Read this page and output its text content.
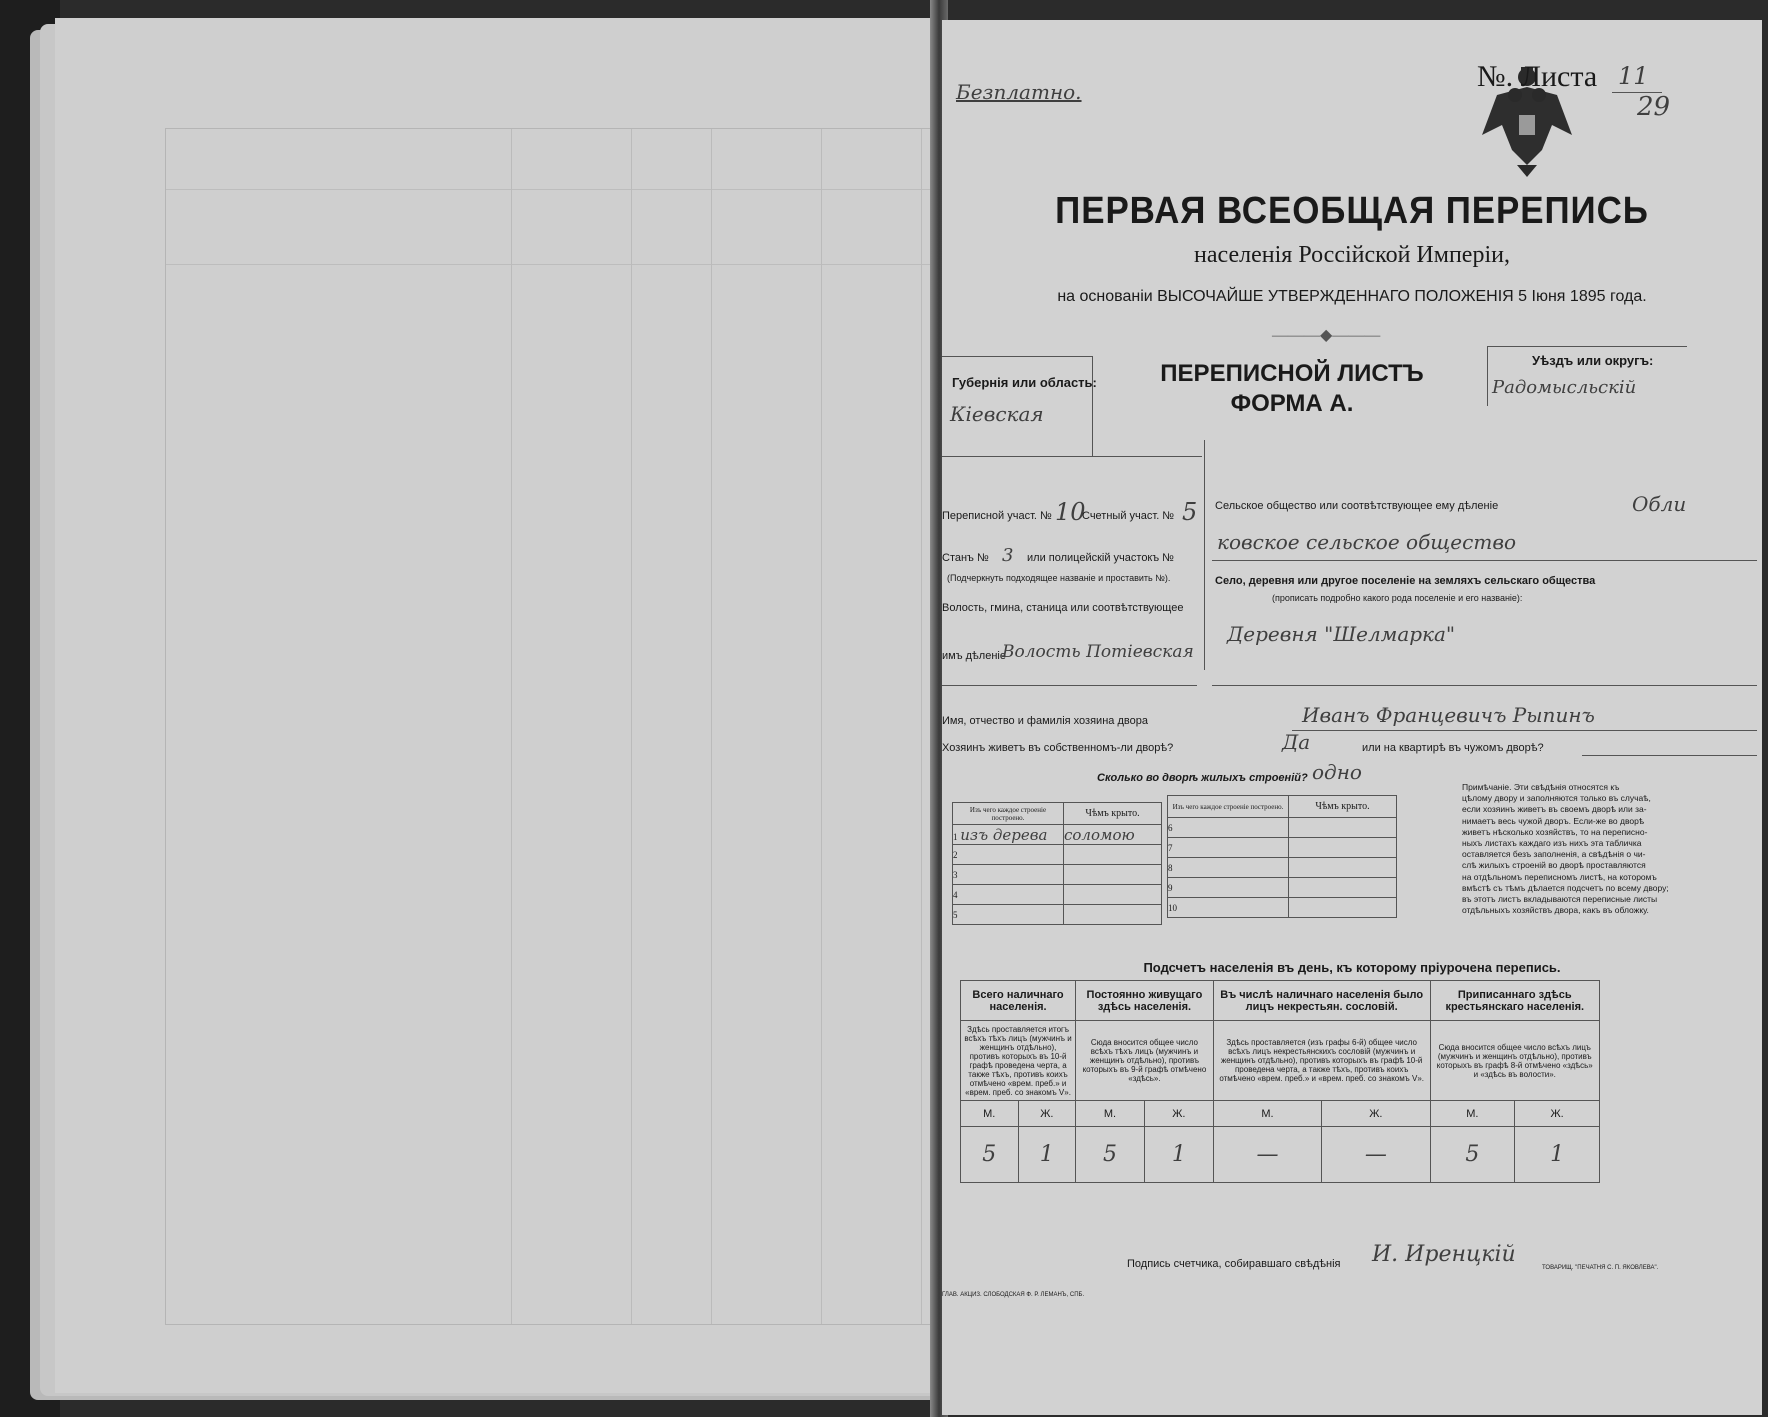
Безплатно.	№. Листа 11
29
ПЕРВАЯ ВСЕОБЩАЯ ПЕРЕПИСЬ
населенія Россійской Имперіи,
на основаніи ВЫСОЧАЙШЕ УТВЕРЖДЕННАГО ПОЛОЖЕНІЯ 5 Іюня 1895 года.
———◆———
Губернія или область:
Кіевская
ПЕРЕПИСНОЙ ЛИСТЪ
ФОРМА А.
Уѣздъ или округъ:
Радомысльскій
Переписной участ. № 10
Счетный участ. № 5
Станъ № 3 или полицейскій участокъ №
(Подчеркнуть подходящее названіе и проставить №).
Волость, гмина, станица или соотвѣтствующее
имъ дѣленіе
Волость Потіевская
Сельское общество или соотвѣтствующее ему дѣленіе	Обли
ковское сельское общество
Село, деревня или другое поселеніе на земляхъ сельскаго общества
(прописать подробно какого рода поселеніе и его названіе):
Деревня "Шелмарка"
Имя, отчество и фамилія хозяина двора	Иванъ Францевичъ Рыпинъ
Хозяинъ живетъ въ собственномъ-ли дворѣ?	Да	или на квартирѣ въ чужомъ дворѣ?
Сколько во дворѣ жилыхъ строеній? одно
Изъ чего каждое строеніе построено.	Чѣмъ крыто.
1 изъ дерева	соломою
2	
3	
4	
5	
Изъ чего каждое строеніе построено.	Чѣмъ крыто.
6	
7	
8	
9	
10	
Примѣчаніе. Эти свѣдѣнія относятся къ
цѣлому двору и заполняются только въ случаѣ,
если хозяинъ живетъ въ своемъ дворѣ или за-
нимаетъ весь чужой дворъ. Если-же во дворѣ
живетъ нѣсколько хозяйствъ, то на переписно-
ныхъ листахъ каждаго изъ нихъ эта табличка
оставляется безъ заполненія, а свѣдѣнія о чи-
слѣ жилыхъ строеній во дворѣ проставляются
на отдѣльномъ переписномъ листѣ, на которомъ
вмѣстѣ съ тѣмъ дѣлается подсчетъ по всему двору;
въ этотъ листъ вкладываются переписные листы
отдѣльныхъ хозяйствъ двора, какъ въ обложку.
Подсчетъ населенія въ день, къ которому пріурочена перепись.
Всего наличнаго населенія.		Постоянно живущаго здѣсь населенія.		Въ числѣ наличнаго населенія было лицъ некрестьян. сословій.		Приписаннаго здѣсь крестьянскаго населенія.	
Здѣсь проставляется итогъ всѣхъ тѣхъ лицъ (мужчинъ и женщинъ отдѣльно), противъ которыхъ въ 10-й графѣ проведена черта, а также тѣхъ, противъ коихъ отмѣчено «врем. преб.» и «врем. преб. со знакомъ V».		Сюда вносится общее число всѣхъ тѣхъ лицъ (мужчинъ и женщинъ отдѣльно), противъ которыхъ въ 9-й графѣ отмѣчено «здѣсь».		Здѣсь проставляется (изъ графы 6-й) общее число всѣхъ лицъ некрестьянскихъ сословій (мужчинъ и женщинъ отдѣльно), противъ которыхъ въ графѣ 10-й проведена черта, а также тѣхъ, противъ коихъ отмѣчено «врем. преб.» и «врем. преб. со знакомъ V».		Сюда вносится общее число всѣхъ лицъ (мужчинъ и женщинъ отдѣльно), противъ которыхъ въ графѣ 8-й отмѣчено «здѣсь» и «здѣсь въ волости».	
М.	Ж.	М.	Ж.	М.	Ж.	М.	Ж.
5	1	5	1	—	—	5	1
Подпись счетчика, собиравшаго свѣдѣнія И. Иренцкій
ГЛАВ. АКЦИЗ. СЛОБОДСКАЯ Ф. Р. ЛЕМАНЪ, СПБ.
ТОВАРИЩ. "ПЕЧАТНЯ С. П. ЯКОВЛЕВА".
